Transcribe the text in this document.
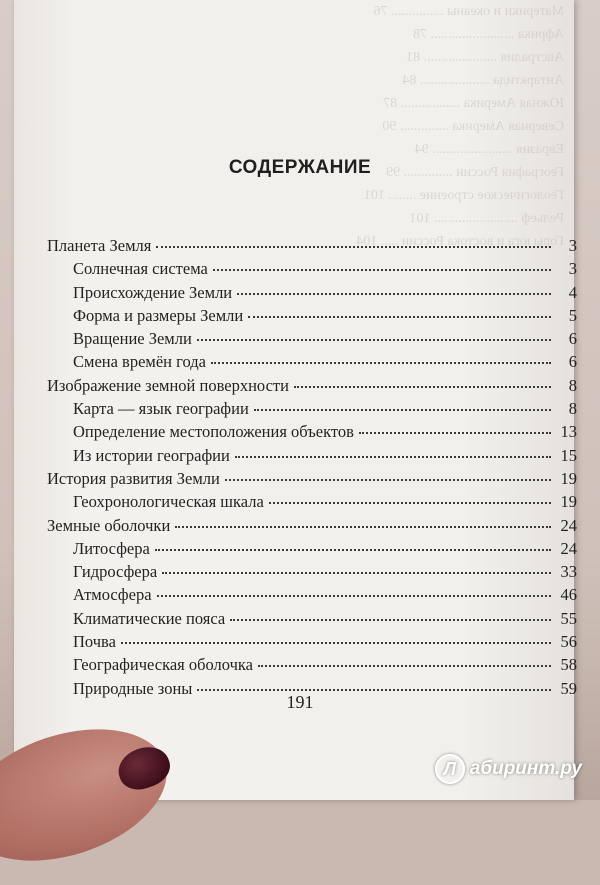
Материки и океаны ............... 76
Африка ........................ 78
Австралия ..................... 81
Антарктида .................... 84
Южная Америка ................. 87
Северная Америка .............. 90
Евразия ....................... 94
География России .............. 99
Геологическое строение ........ 101
Рельеф ........................ 101
Горы юга и востока России ..... 104
СОДЕРЖАНИЕ
Планета Земля	3
Солнечная система	3
Происхождение Земли	4
Форма и размеры Земли	5
Вращение Земли	6
Смена времён года	6
Изображение земной поверхности	8
Карта — язык географии	8
Определение местоположения объектов	13
Из истории географии	15
История развития Земли	19
Геохронологическая шкала	19
Земные оболочки	24
Литосфера	24
Гидросфера	33
Атмосфера	46
Климатические пояса	55
Почва	56
Географическая оболочка	58
Природные зоны	59
191
Л абиринт.ру
